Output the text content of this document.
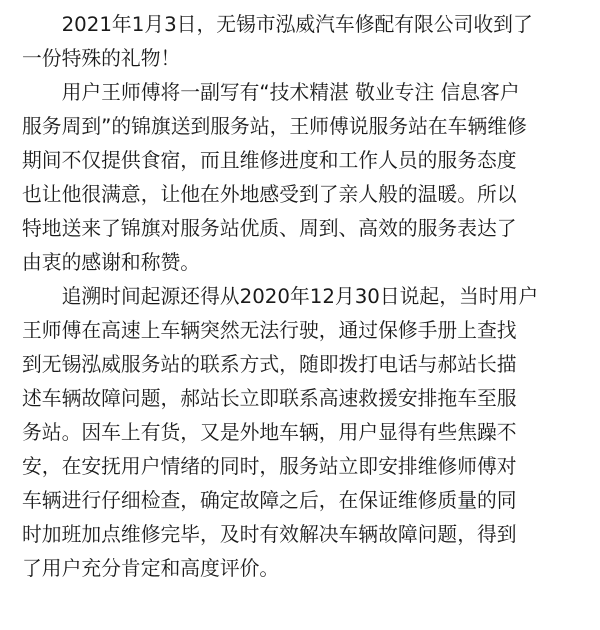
2021年1月3日，无锡市泓威汽车修配有限公司收到了
一份特殊的礼物！
用户王师傅将一副写有“技术精湛 敬业专注 信息客户
服务周到”的锦旗送到服务站，王师傅说服务站在车辆维修
期间不仅提供食宿，而且维修进度和工作人员的服务态度
也让他很满意，让他在外地感受到了亲人般的温暖。所以
特地送来了锦旗对服务站优质、周到、高效的服务表达了
由衷的感谢和称赞。
追溯时间起源还得从2020年12月30日说起，当时用户
王师傅在高速上车辆突然无法行驶，通过保修手册上查找
到无锡泓威服务站的联系方式，随即拨打电话与郝站长描
述车辆故障问题，郝站长立即联系高速救援安排拖车至服
务站。因车上有货，又是外地车辆，用户显得有些焦躁不
安，在安抚用户情绪的同时，服务站立即安排维修师傅对
车辆进行仔细检查，确定故障之后，在保证维修质量的同
时加班加点维修完毕，及时有效解决车辆故障问题，得到
了用户充分肯定和高度评价。
